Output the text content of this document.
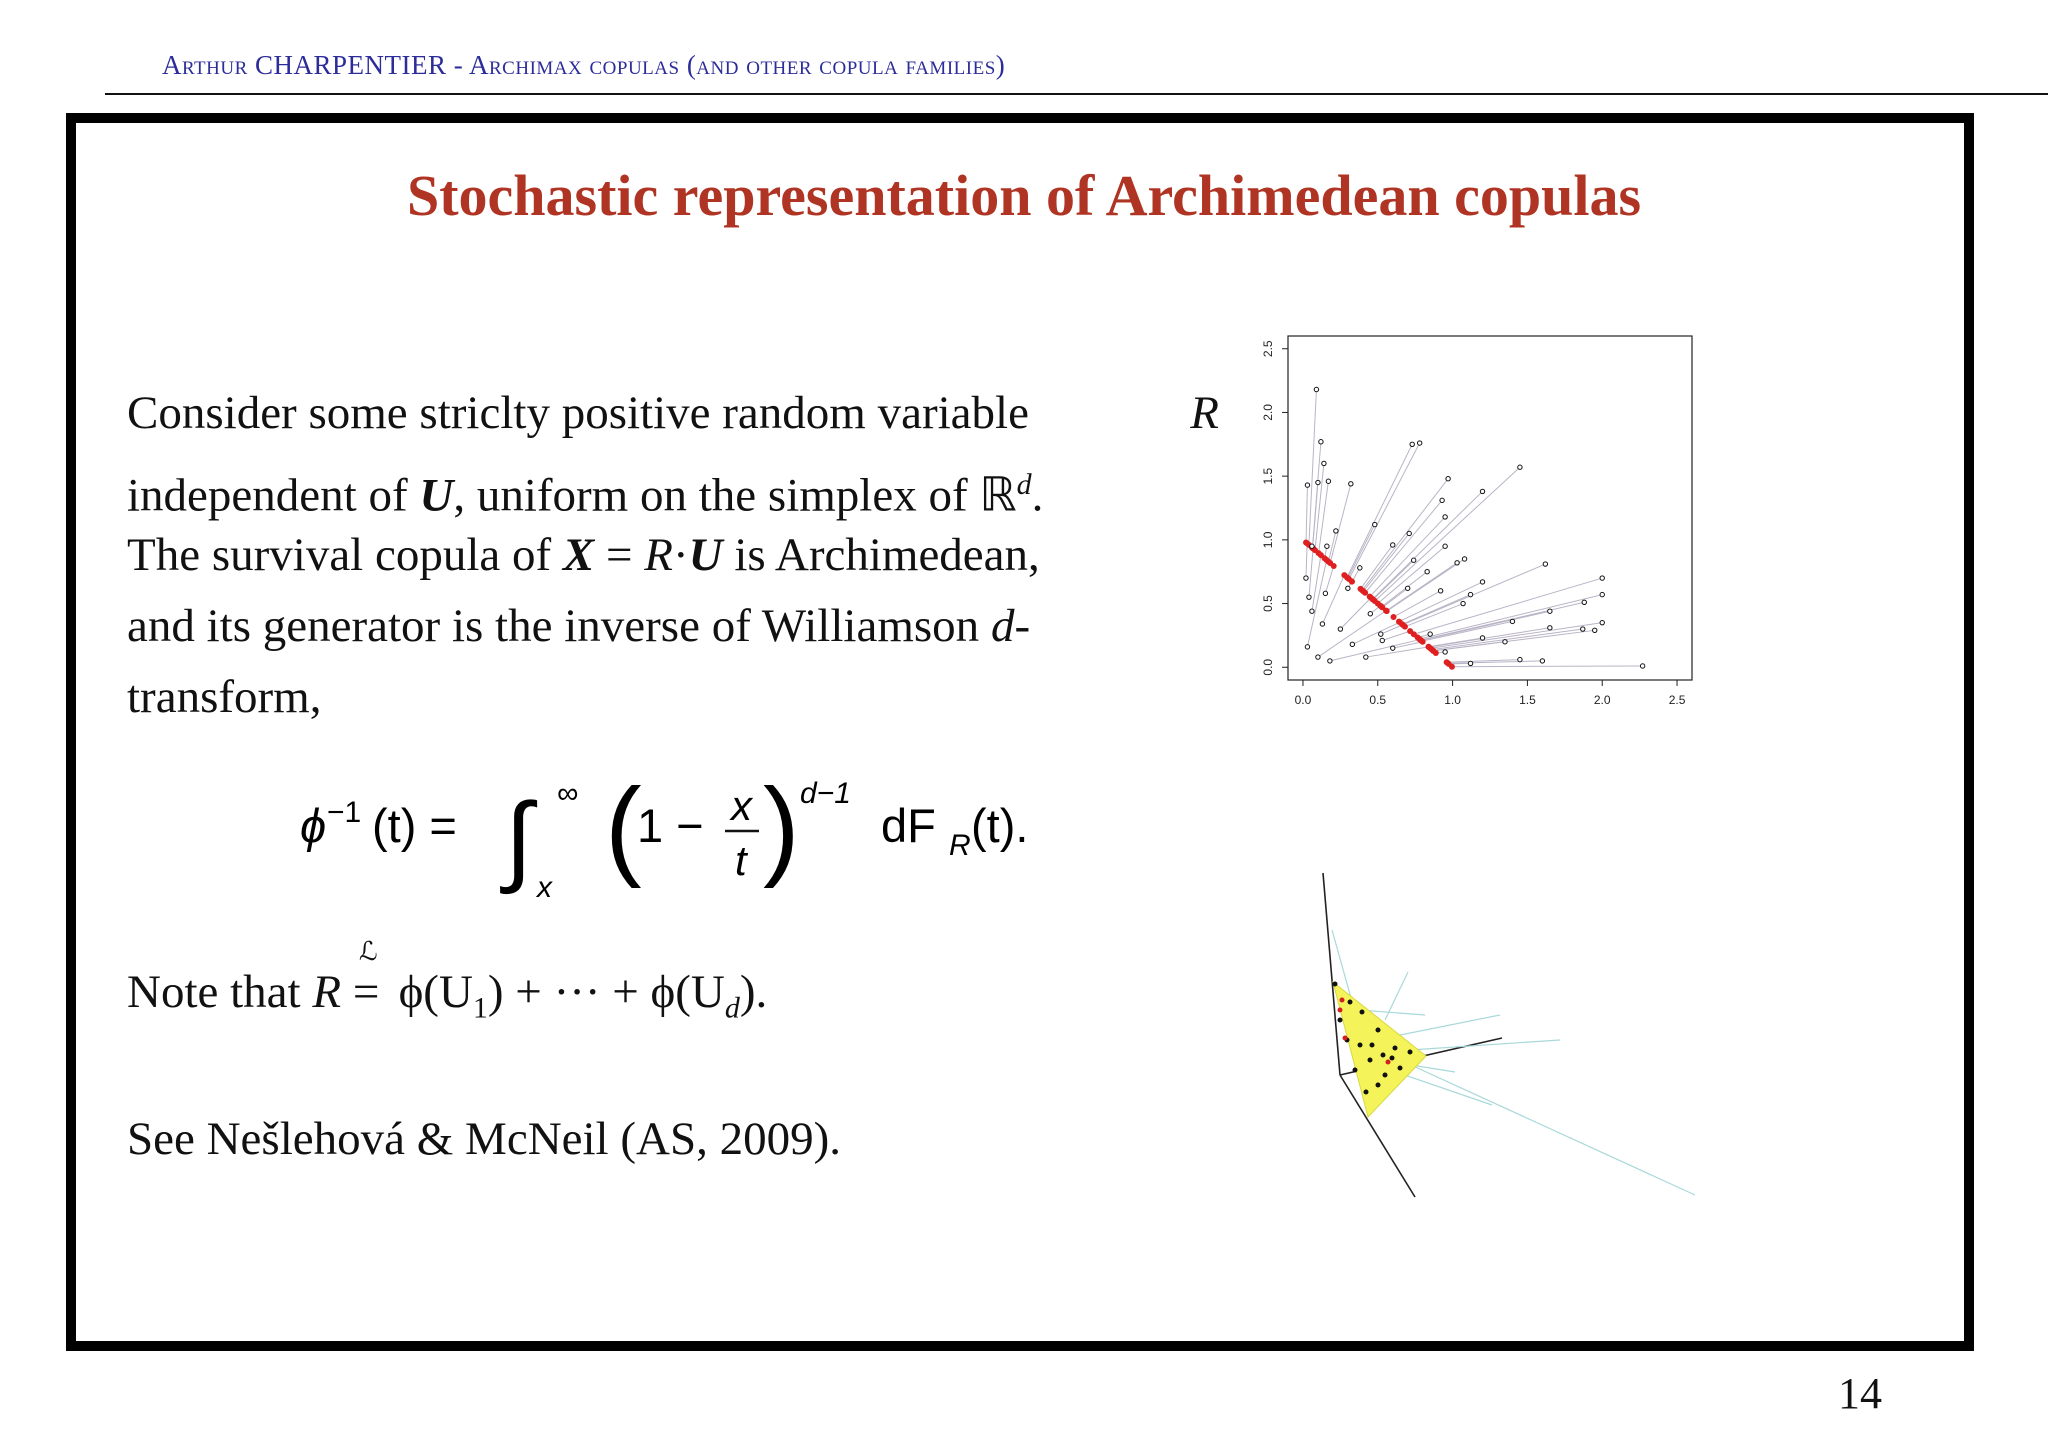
Arthur CHARPENTIER - Archimax copulas (and other copula families)
Stochastic representation of Archimedean copulas
Consider some striclty positive random variable	R
independent of U, uniform on the simplex of ℝ$^d$.
The survival copula of X = R·U is Archimedean,
and its generator is the inverse of Williamson d-
transform,
ϕ −1 (t) = ∫ ∞
x (
1 − x
t ) d−1
dF R (t).
Note that R
ℒ
= $\phi(U_1)$ + ··· + $\phi(U_d)$.
See Nešlehová & McNeil (AS, 2009).
14
0.0	0.5	1.0	1.5	2.0	2.5
0.0
0.5
1.0
1.5
2.0
2.5
